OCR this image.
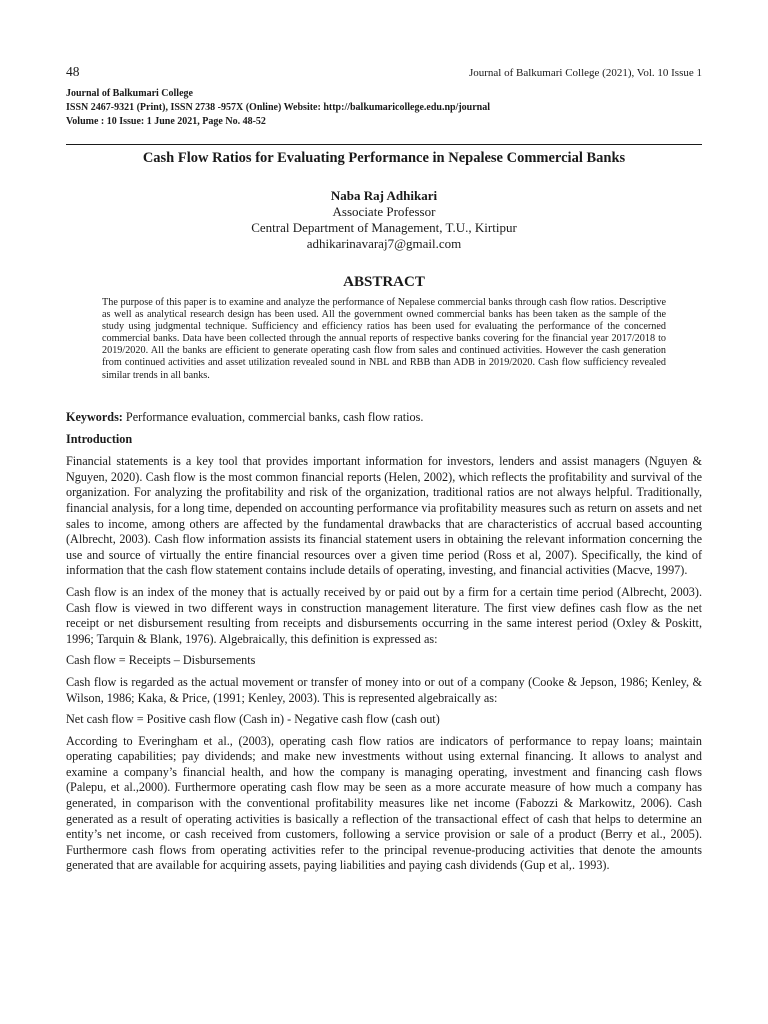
48	Journal of Balkumari College (2021), Vol. 10 Issue 1
Journal of Balkumari College
ISSN 2467-9321 (Print), ISSN 2738 -957X (Online) Website: http://balkumaricollege.edu.np/journal
Volume : 10 Issue: 1 June 2021, Page No. 48-52
Cash Flow Ratios for Evaluating Performance in Nepalese Commercial Banks
Naba Raj Adhikari
Associate Professor
Central Department of Management, T.U., Kirtipur
adhikarinavaraj7@gmail.com
ABSTRACT
The purpose of this paper is to examine and analyze the performance of Nepalese commercial banks through cash flow ratios. Descriptive as well as analytical research design has been used. All the government owned commercial banks has been taken as the sample of the study using judgmental technique. Sufficiency and efficiency ratios has been used for evaluating the performance of the concerned commercial banks. Data have been collected through the annual reports of respective banks covering for the financial year 2017/2018 to 2019/2020. All the banks are efficient to generate operating cash flow from sales and continued activities. However the cash generation from continued activities and asset utilization revealed sound in NBL and RBB than ADB in 2019/2020. Cash flow sufficiency revealed similar trends in all banks.

Keywords: Performance evaluation, commercial banks, cash flow ratios.

Introduction

Financial statements is a key tool that provides important information for investors, lenders and assist managers (Nguyen & Nguyen, 2020). Cash flow is the most common financial reports (Helen, 2002), which reflects the profitability and survival of the organization. For analyzing the profitability and risk of the organization, traditional ratios are not always helpful. Traditionally, financial analysis, for a long time, depended on accounting performance via profitability measures such as return on assets and net sales to income, among others are affected by the fundamental drawbacks that are characteristics of accrual based accounting (Albrecht, 2003). Cash flow information assists its financial statement users in obtaining the relevant information concerning the use and source of virtually the entire financial resources over a given time period (Ross et al, 2007). Specifically, the kind of information that the cash flow statement contains include details of operating, investing, and financial activities (Macve, 1997).

Cash flow is an index of the money that is actually received by or paid out by a firm for a certain time period (Albrecht, 2003). Cash flow is viewed in two different ways in construction management literature. The first view defines cash flow as the net receipt or net disbursement resulting from receipts and disbursements occurring in the same interest period (Oxley & Poskitt, 1996; Tarquin & Blank, 1976). Algebraically, this definition is expressed as:

Cash flow = Receipts – Disbursements

Cash flow is regarded as the actual movement or transfer of money into or out of a company (Cooke & Jepson, 1986; Kenley, & Wilson, 1986; Kaka, & Price, (1991; Kenley, 2003). This is represented algebraically as:

Net cash flow = Positive cash flow (Cash in) - Negative cash flow (cash out)

According to Everingham et al., (2003), operating cash flow ratios are indicators of performance to repay loans; maintain operating capabilities; pay dividends; and make new investments without using external financing. It allows to analyst and examine a company’s financial health, and how the company is managing operating, investment and financing cash flows (Palepu, et al.,2000). Furthermore operating cash flow may be seen as a more accurate measure of how much a company has generated, in comparison with the conventional profitability measures like net income (Fabozzi & Markowitz, 2006). Cash generated as a result of operating activities is basically a reflection of the transactional effect of cash that helps to determine an entity’s net income, or cash received from customers, following a service provision or sale of a product (Berry et al., 2005). Furthermore cash flows from operating activities refer to the principal revenue-producing activities that denote the amounts generated that are available for acquiring assets, paying liabilities and paying cash dividends (Gup et al,. 1993).
